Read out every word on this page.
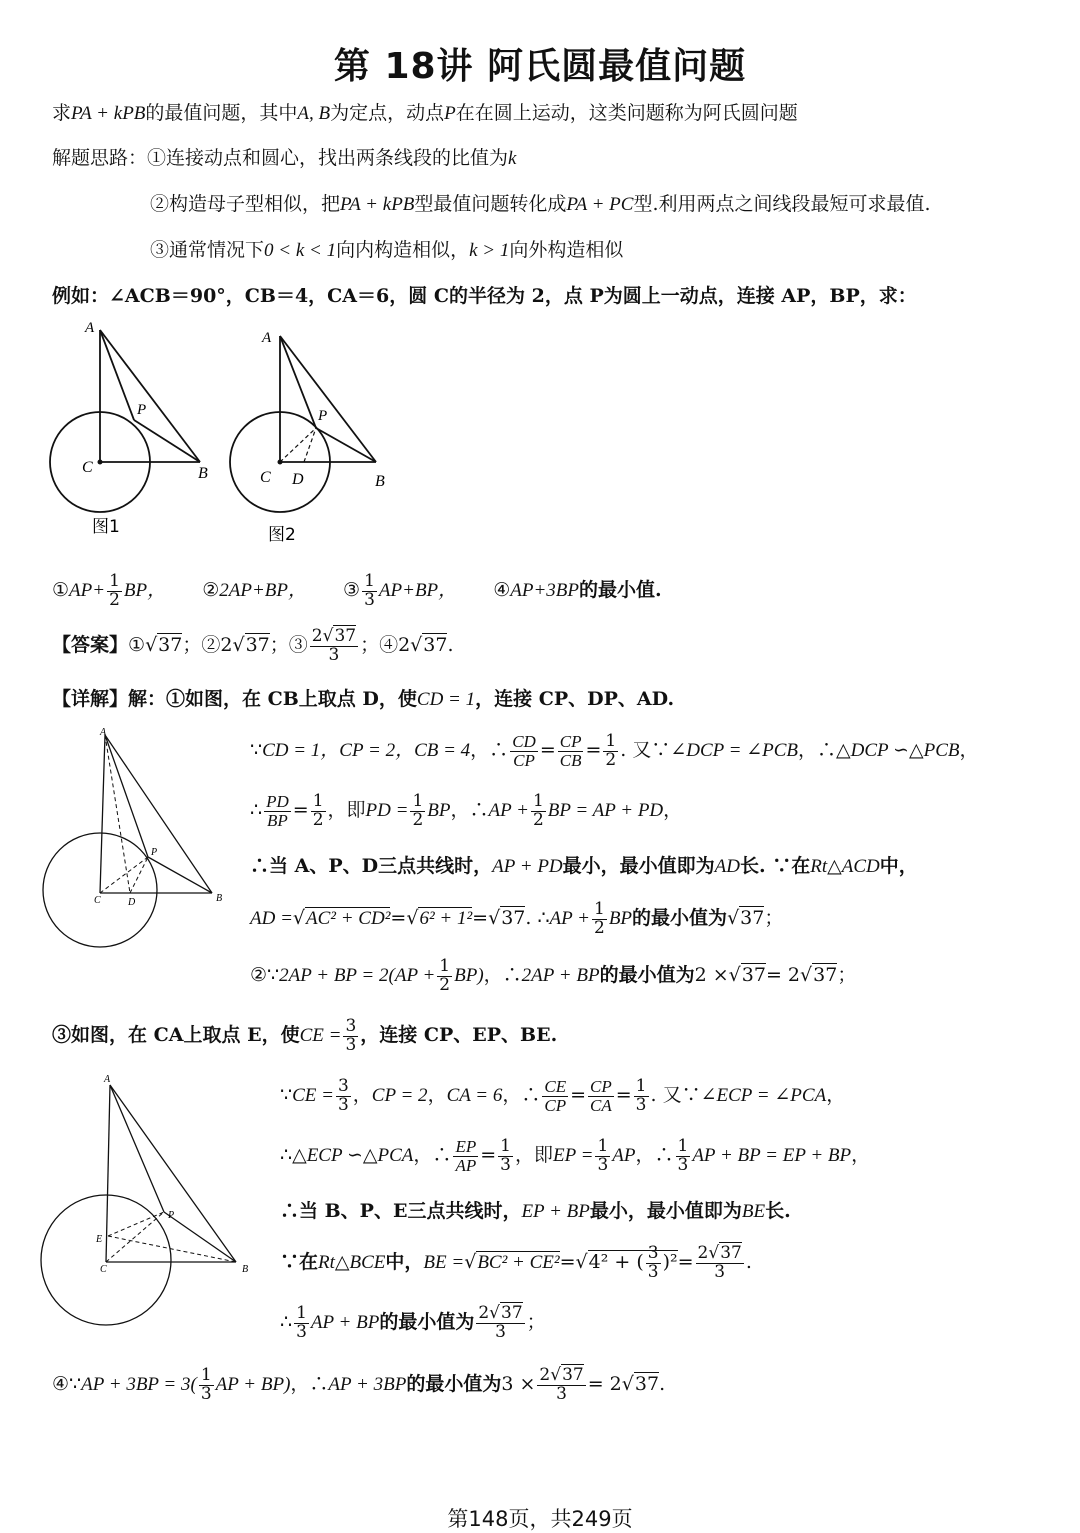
第 18讲 阿氏圆最值问题
求PA + kPB的最值问题，其中A, B为定点，动点P在在圆上运动，这类问题称为阿氏圆问题
解题思路：①连接动点和圆心，找出两条线段的比值为k
②构造母子型相似，把PA + kPB型最值问题转化成PA + PC型.利用两点之间线段最短可求最值.
③通常情况下0 < k < 1向内构造相似，k > 1向外构造相似
例如：∠ACB＝90°，CB＝4，CA＝6，圆 C的半径为 2，点 P为圆上一动点，连接 AP，BP，求：
A
P
C	B
图1
A
P
C D	B
图2
①AP+ $\frac{1}{2}$ BP， ②2AP+BP， ③ $\frac{1}{3} AP+BP$， ④AP+3BP的最小值.
【答案】①√37；②2√37；③ $\frac{2√37}{3}$ ；④2√37.
【详解】解：①如图，在 CB上取点 D，使CD = 1，连接 CP、DP、AD.
A
P
C	D	B
∵CD = 1，CP = 2，CB = 4，∴ $\frac{CD}{CP} = \frac{CP}{CB} = \frac{1}{2}$ . 又∵∠DCP = ∠PCB，∴△DCP ∽△PCB，
∴ $\frac{PD}{BP} = \frac{1}{2}$ ，即PD = $\frac{1}{2}$ BP，∴AP + $\frac{1}{2}$ BP = AP + PD，
∴当 A、P、D三点共线时，AP + PD最小，最小值即为AD长. ∵在Rt△ACD中，
AD =√AC² + CD²=√6² + 1²=√37. ∴AP + $\frac{1}{2}$ BP的最小值为√37；
②∵2AP + BP = $2(AP + \frac{1}{2} BP)$，∴2AP + BP的最小值为2 ×√37= 2√37；
③如图，在 CA上取点 E，使CE = $\frac{3}{3}$ ，连接 CP、EP、BE.
A
P
E
C	B
∵CE = $\frac{3}{3}$ ，CP = 2，CA = 6，∴ $\frac{CE}{CP} = \frac{CP}{CA} = \frac{1}{3}$ . 又∵∠ECP = ∠PCA，
∴△ECP ∽△PCA，∴ $\frac{EP}{AP} = \frac{1}{3}$ ，即EP = $\frac{1}{3}$ AP，∴ $\frac{1}{3}$ AP + BP = EP + BP，
∴当 B、P、E三点共线时，EP + BP最小，最小值即为BE长.
∵在Rt△BCE中，BE =√BC² + CE²=√4² + ( $\frac{3}{3} )^2= \frac{2√37}{3}$ .
∴ $\frac{1}{3}$ AP + BP的最小值为 $\frac{2√37}{3}$ ；
④∵AP + $3BP = 3( \frac{1}{3}$ AP + BP)，∴AP + 3BP的最小值为$3 \times \frac{2√37}{3} = 2√37$.
第148页，共249页
